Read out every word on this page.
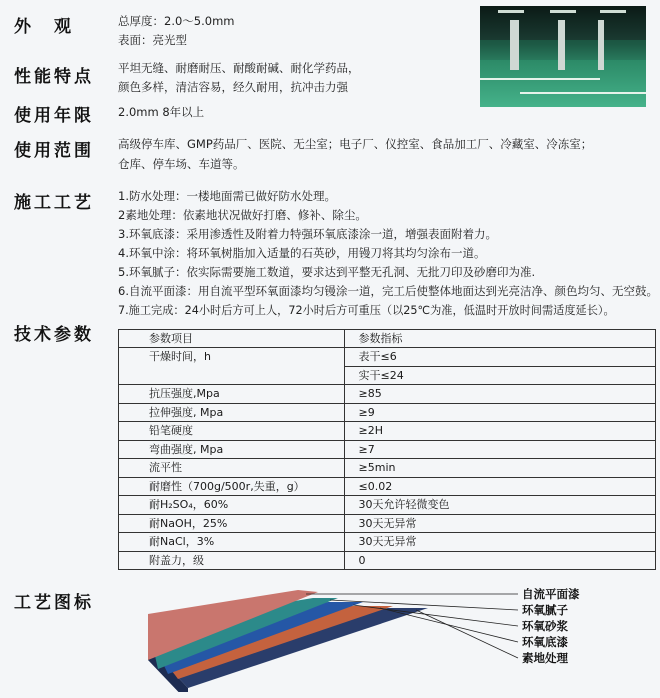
外　观
性能特点
使用年限
使用范围
施工工艺
技术参数
工艺图标
总厚度：2.0～5.0mm
表面：亮光型
平坦无缝、耐磨耐压、耐酸耐碱、耐化学药品，
颜色多样，清洁容易，经久耐用，抗冲击力强
2.0mm 8年以上
高级停车库、GMP药品厂、医院、无尘室；电子厂、仪控室、食品加工厂、冷藏室、冷冻室；
仓库、停车场、车道等。
1.防水处理：一楼地面需已做好防水处理。
2素地处理：依素地状况做好打磨、修补、除尘。
3.环氧底漆：采用渗透性及附着力特强环氧底漆涂一道，增强表面附着力。
4.环氧中涂：将环氧树脂加入适量的石英砂，用镘刀将其均匀涂布一道。
5.环氧腻子：依实际需要施工数道，要求达到平整无孔洞、无批刀印及砂磨印为准.
6.自流平面漆：用自流平型环氧面漆均匀镘涂一道，完工后使整体地面达到光亮洁净、颜色均匀、无空鼓。
7.施工完成：24小时后方可上人，72小时后方可重压（以25℃为准，低温时开放时间需适度延长）。
参数项目	参数指标
干燥时间，h	表干≤6
	实干≤24
抗压强度,Mpa	≥85
拉伸强度, Mpa	≥9
铅笔硬度	≥2H
弯曲强度, Mpa	≥7
流平性	≥5min
耐磨性（700g/500r,失重，g）	≤0.02
耐H₂SO₄，60%	30天允许轻微变色
耐NaOH，25%	30天无异常
耐NaCl，3%	30天无异常
附盖力，级	0
自流平面漆
环氧腻子
环氧砂浆
环氧底漆
素地处理
